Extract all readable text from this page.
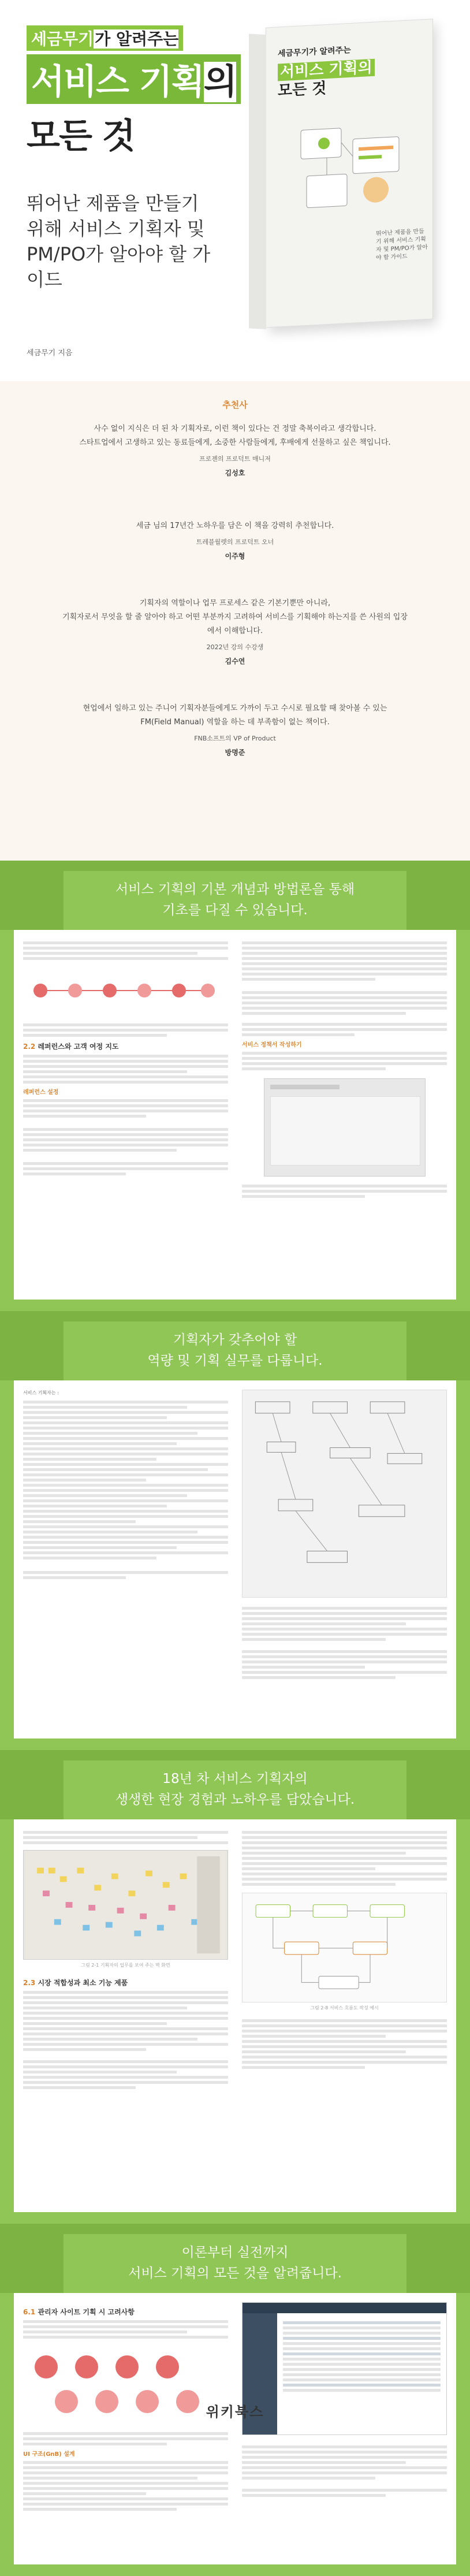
세금무기가 알려주는
서비스 기획의
모든 것
뛰어난 제품을 만들기 위해 서비스 기획자 및 PM/PO가 알아야 할 가이드
세금무기 지음
세금무기가 알려주는
서비스 기획의
모든 것
뛰어난 제품을 만들기 위해 서비스 기획자 및 PM/PO가 알아야 할 가이드
추천사
사수 없이 지식은 더 된 차 기획자로, 이런 책이 있다는 건 정말 축복이라고 생각합니다.
스타트업에서 고생하고 있는 동료들에게, 소중한 사람들에게, 후배에게 선물하고 싶은 책입니다.
프로젠의 프로덕트 매니저
김성호
세금 님의 17년간 노하우를 담은 이 책을 강력히 추천합니다.
트레블월렛의 프로덕트 오너
이주형
기획자의 역할이나 업무 프로세스 같은 기본기뿐만 아니라,
기획자로서 무엇을 할 줄 알아야 하고 어떤 부분까지 고려하여 서비스를 기획해야 하는지를 쓴 사원의 입장에서 이해합니다.
2022년 강의 수강생
김수연
현업에서 일하고 있는 주니어 기획자분들에게도 가까이 두고 수시로 필요할 때 찾아볼 수 있는
FM(Field Manual) 역할을 하는 데 부족함이 없는 책이다.
FNB소프트의 VP of Product
방명준
서비스 기획의 기본 개념과 방법론을 통해
기초를 다질 수 있습니다.
2.2 레퍼런스와 고객 여정 지도
레퍼런스 설정
서비스 정책서 작성하기
기획자가 갖추어야 할
역량 및 기획 실무를 다룹니다.
서비스 기획자는 :
18년 차 서비스 기획자의
생생한 현장 경험과 노하우를 담았습니다.
그림 2-1 기획자의 업무를 보여 주는 벽 화면
2.3 시장 적합성과 최소 기능 제품
그림 2-8 서비스 흐름도 작성 예시
이론부터 실전까지
서비스 기획의 모든 것을 알려줍니다.
6.1 관리자 사이트 기획 시 고려사항
UI 구조(GnB) 설계
위키북스
